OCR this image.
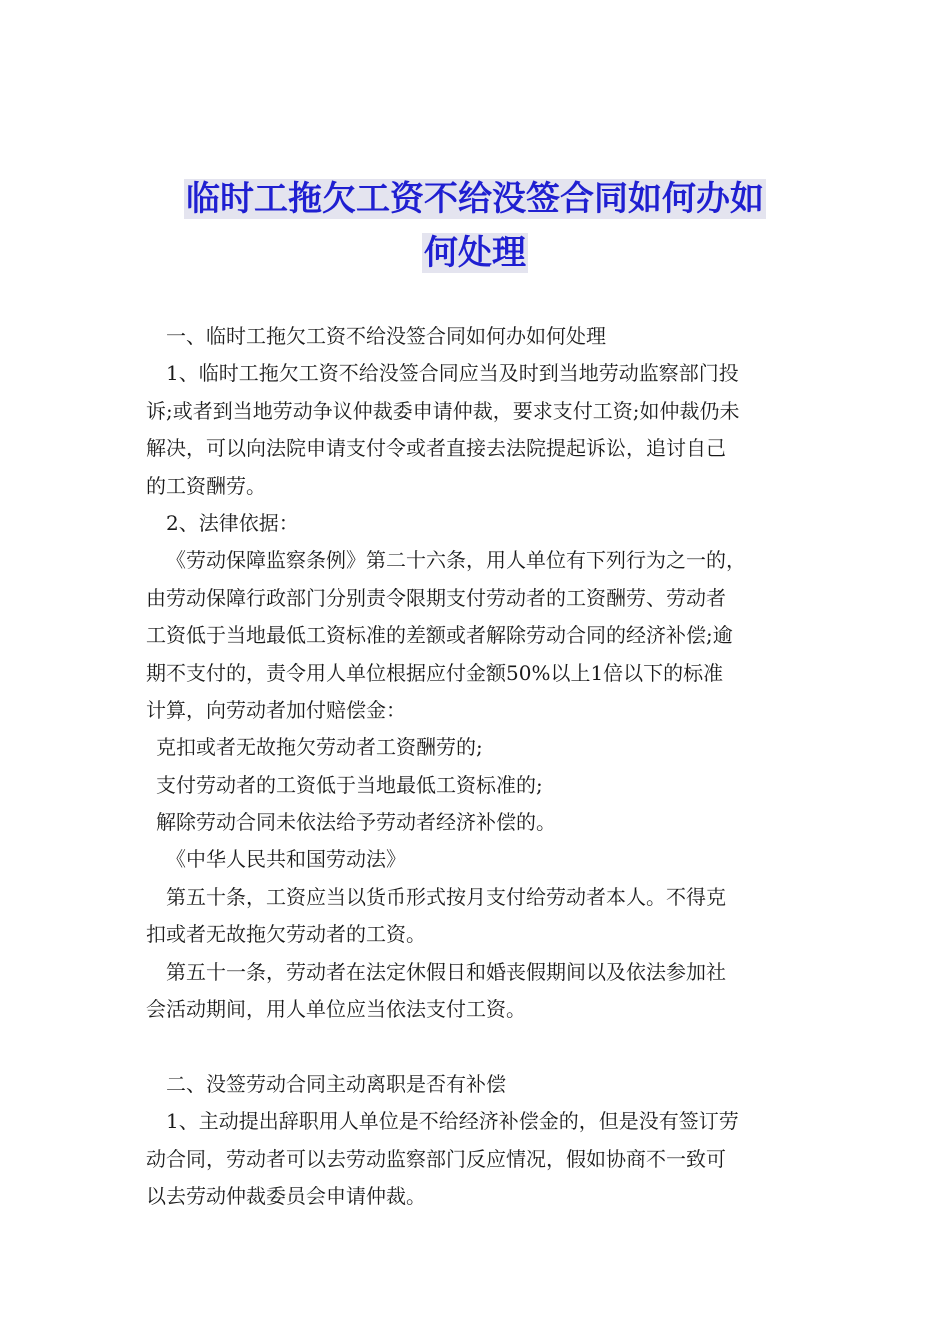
临时工拖欠工资不给没签合同如何办如
何处理
一、临时工拖欠工资不给没签合同如何办如何处理
1、临时工拖欠工资不给没签合同应当及时到当地劳动监察部门投
诉;或者到当地劳动争议仲裁委申请仲裁，要求支付工资;如仲裁仍未
解决，可以向法院申请支付令或者直接去法院提起诉讼，追讨自己
的工资酬劳。
2、法律依据：
《劳动保障监察条例》第二十六条，用人单位有下列行为之一的，
由劳动保障行政部门分别责令限期支付劳动者的工资酬劳、劳动者
工资低于当地最低工资标准的差额或者解除劳动合同的经济补偿;逾
期不支付的，责令用人单位根据应付金额50%以上1倍以下的标准
计算，向劳动者加付赔偿金：
克扣或者无故拖欠劳动者工资酬劳的;
支付劳动者的工资低于当地最低工资标准的;
解除劳动合同未依法给予劳动者经济补偿的。
《中华人民共和国劳动法》
第五十条，工资应当以货币形式按月支付给劳动者本人。不得克
扣或者无故拖欠劳动者的工资。
第五十一条，劳动者在法定休假日和婚丧假期间以及依法参加社
会活动期间，用人单位应当依法支付工资。
二、没签劳动合同主动离职是否有补偿
1、主动提出辞职用人单位是不给经济补偿金的，但是没有签订劳
动合同，劳动者可以去劳动监察部门反应情况，假如协商不一致可
以去劳动仲裁委员会申请仲裁。
